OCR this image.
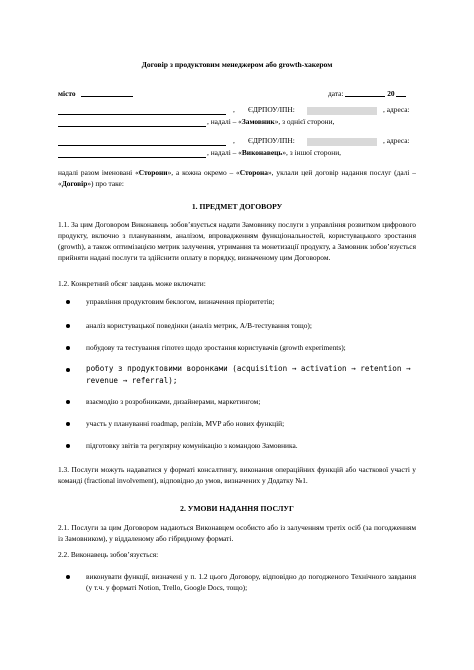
Договір з продуктовим менеджером або growth-хакером
місто	дата:	20
, ЄДРПОУ/ІПН:	, адреса:
, надалі – «Замовник», з однієї сторони,
, ЄДРПОУ/ІПН:	, адреса:
, надалі – «Виконавець», з іншої сторони,
надалі разом іменовані «Сторони», а кожна окремо – «Сторона», уклали цей договір надання послуг (далі – «Договір») про таке:
1. ПРЕДМЕТ ДОГОВОРУ
1.1. За цим Договором Виконавець зобов’язується надати Замовнику послуги з управління розвитком цифрового продукту, включно з плануванням, аналізом, впровадженням функціональностей, користувацького зростання (growth), а також оптимізацією метрик залучення, утримання та монетизації продукту, а Замовник зобов’язується прийняти надані послуги та здійснити оплату в порядку, визначеному цим Договором.
1.2. Конкретний обсяг завдань може включати:
управління продуктовим беклогом, визначення пріоритетів;
аналіз користувацької поведінки (аналіз метрик, A/B-тестування тощо);
побудову та тестування гіпотез щодо зростання користувачів (growth experiments);
роботу з продуктовими воронками (acquisition → activation → retention → revenue → referral);
взаємодію з розробниками, дизайнерами, маркетингом;
участь у плануванні roadmap, релізів, MVP або нових функцій;
підготовку звітів та регулярну комунікацію з командою Замовника.
1.3. Послуги можуть надаватися у форматі консалтингу, виконання операційних функцій або часткової участі у команді (fractional involvement), відповідно до умов, визначених у Додатку №1.
2. УМОВИ НАДАННЯ ПОСЛУГ
2.1. Послуги за цим Договором надаються Виконавцем особисто або із залученням третіх осіб (за погодженням із Замовником), у віддаленому або гібридному форматі.
2.2. Виконавець зобов’язується:
виконувати функції, визначені у п. 1.2 цього Договору, відповідно до погодженого Технічного завдання (у т.ч. у форматі Notion, Trello, Google Docs, тощо);
